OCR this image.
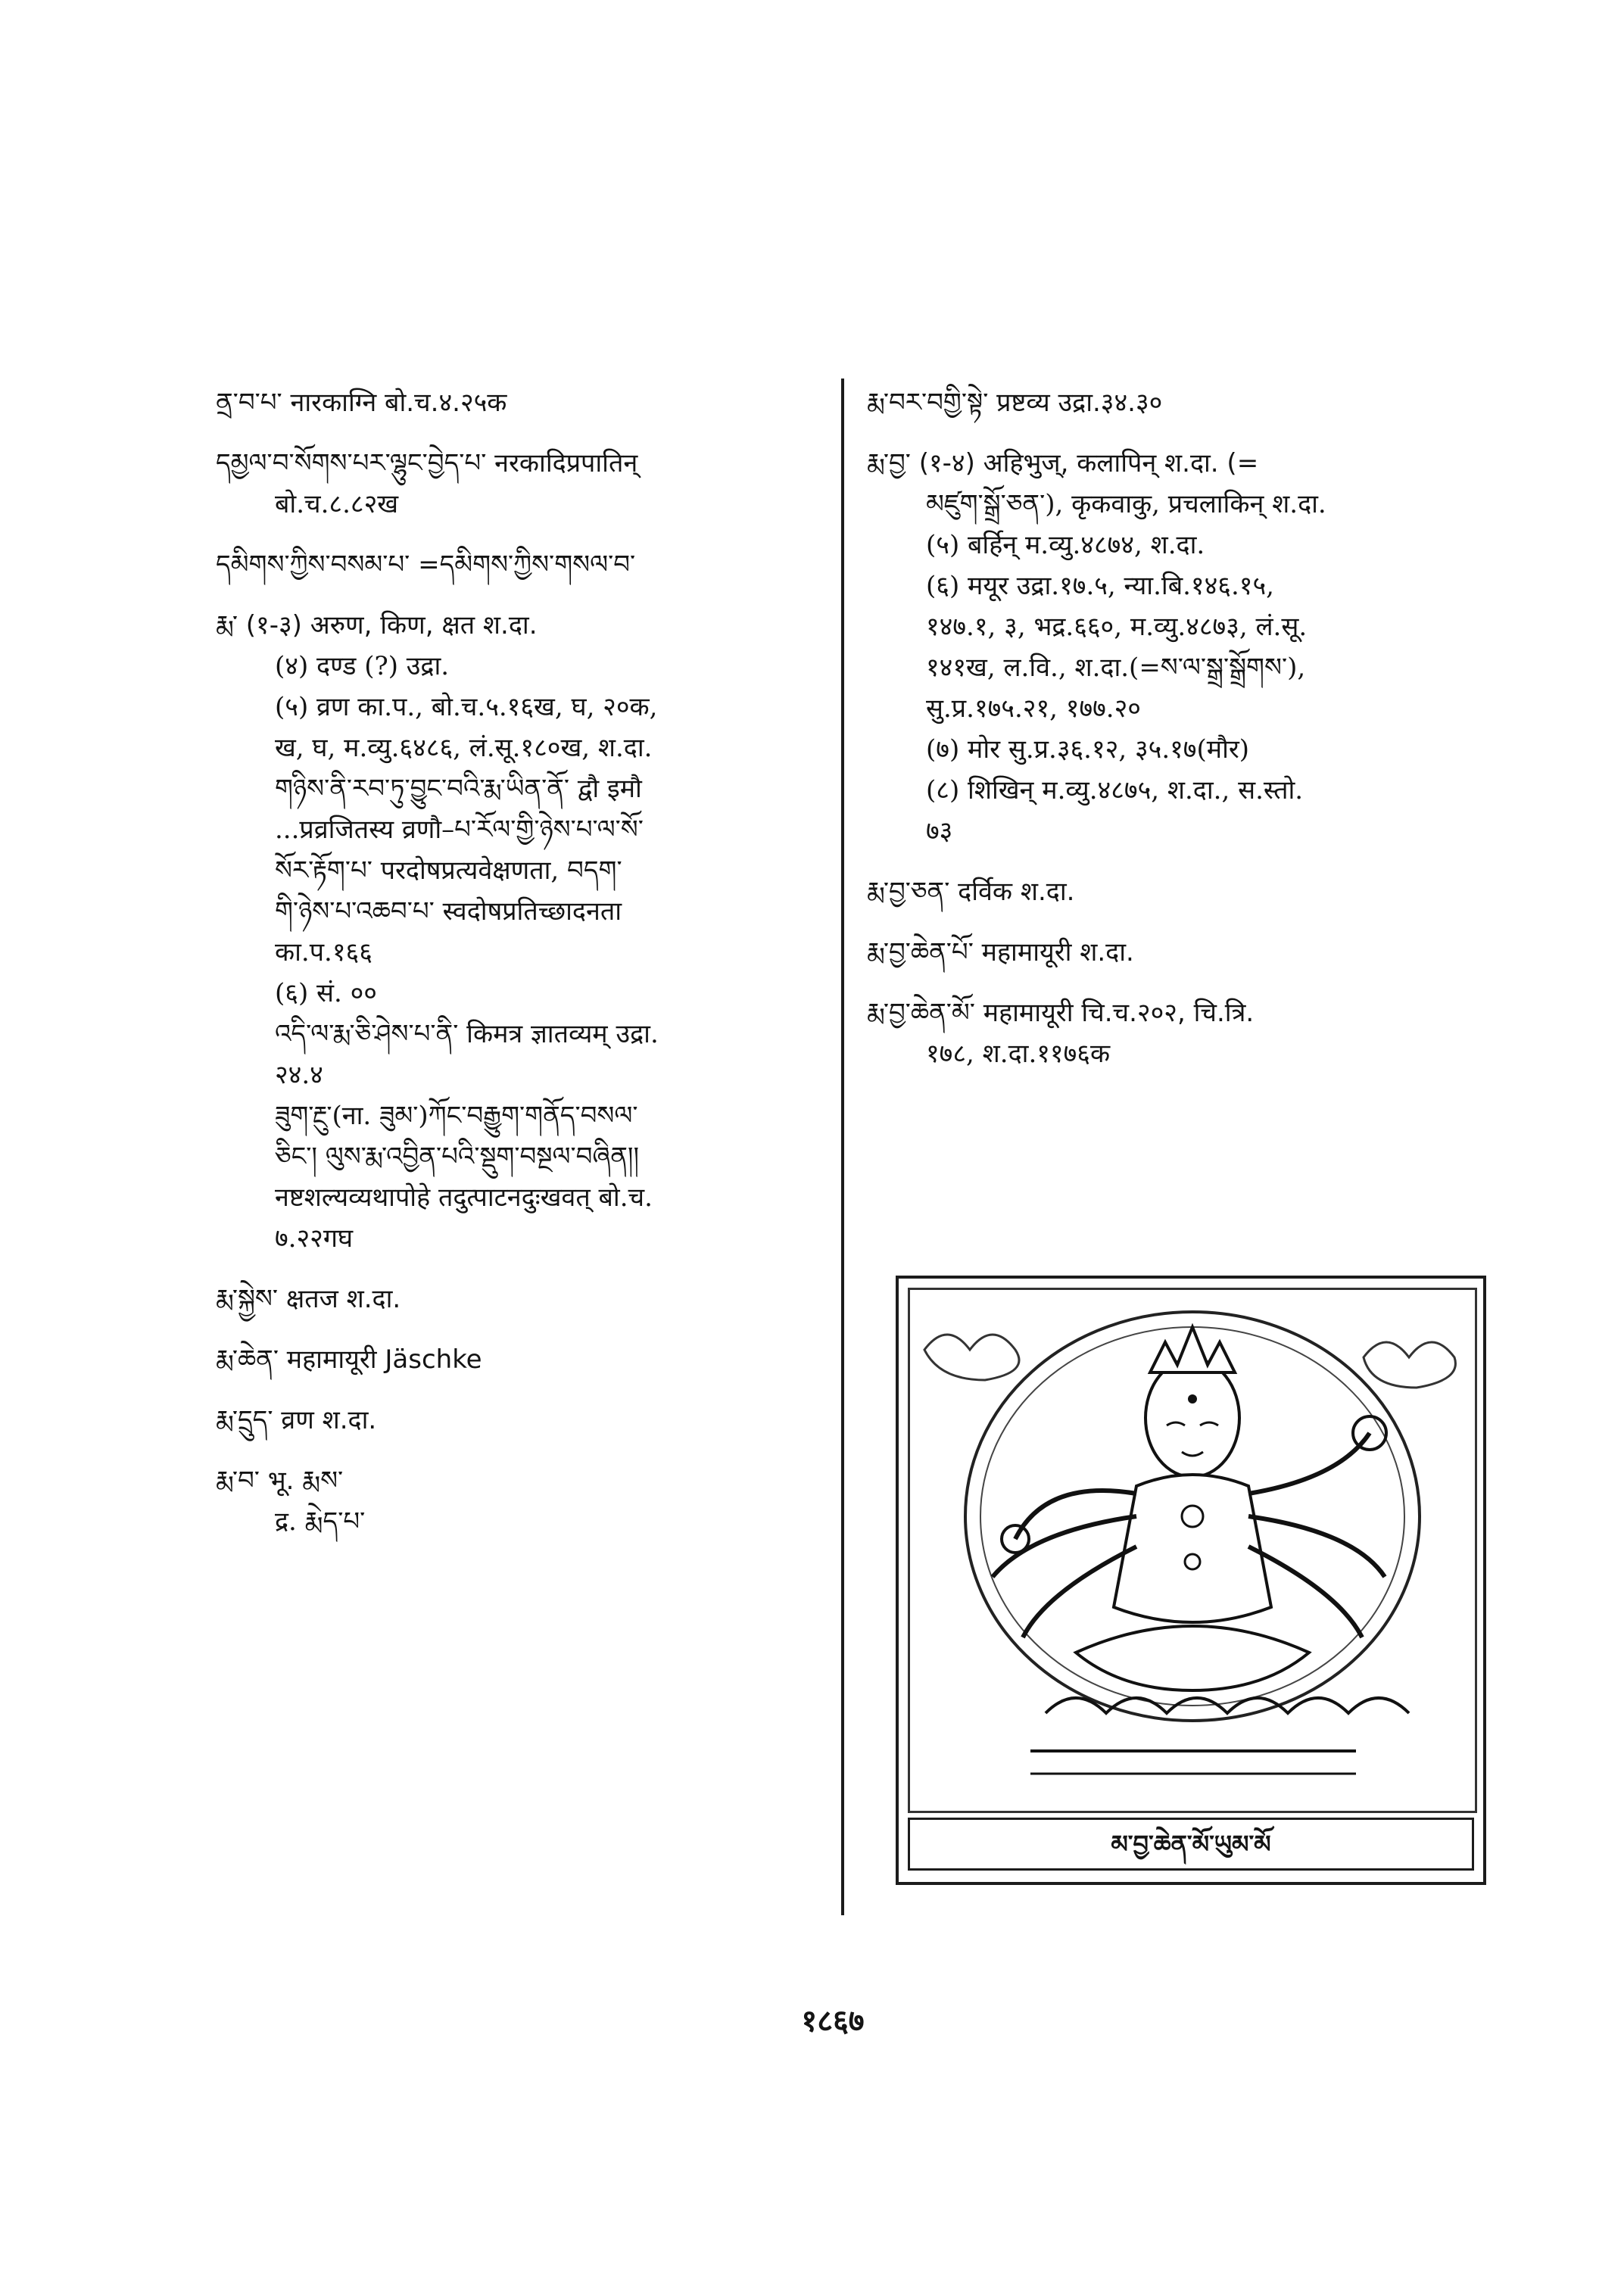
ནྲ་བ་པ་ नारकाग्नि बो.च.४.२५क
དམྱལ་བ་སོགས་པར་ལྷུང་བྱེད་པ་ नरकादिप्रपातिन्
बो.च.८.८२ख
དམིགས་ཀྱིས་བསམ་པ་ =དམིགས་ཀྱིས་གསལ་བ་
རྨ་ (१-३) अरुण, किण, क्षत श.दा.
(४) दण्ड (?) उद्रा.
(५) व्रण का.प., बो.च.५.१६ख, घ, २०क,
ख, घ, म.व्यु.६४८६, लं.सू.१८०ख, श.दा.
གཉིས་ནི་རབ་ཏུ་བྱུང་བའི་རྨ་ཡིན་ནོ་ द्वौ इमौ
...प्रव्रजितस्य व्रणौ–པ་རོལ་གྱི་ཉེས་པ་ལ་སོ་
སོར་རྟོག་པ་ परदोषप्रत्यवेक्षणता, བདག་
གི་ཉེས་པ་འཆབ་པ་ स्वदोषप्रतिच्छादनता
का.प.१६६
(६) सं. ००
འདི་ལ་རྨ་ཅི་ཤེས་པ་ནི་ किमत्र ज्ञातव्यम् उद्रा.
२४.४
ཟུག་རྔུ་(ना. ཟུམ་)ཀོང་བརྒྱུག་གནོད་བསལ་
ཅིང་། ལུས་རྨ་འབྱིན་པའི་སྡུག་བསྔལ་བཞིན།།
नष्टशल्यव्यथापोहे तदुत्पाटनदुःखवत् बो.च.
७.२२गघ
རྨ་སྐྱེས་ क्षतज श.दा.
རྨ་ཆེན་ महामायूरी Jäschke
རྨ་དྲུད་ व्रण श.दा.
རྨ་བ་ भू. རྨས་
द्र. རྨེད་པ་
རྨ་བར་བགྱི་སྟེ་ प्रष्टव्य उद्रा.३४.३०
རྨ་བྱ་ (१-४) अहिभुज्, कलापिन् श.दा. (=
མཛུག་སྒྲོ་ཅན་), कृकवाकु, प्रचलाकिन् श.दा.
(५) बर्हिन् म.व्यु.४८७४, श.दा.
(६) मयूर उद्रा.१७.५, न्या.बि.१४६.१५,
१४७.१, ३, भद्र.६६०, म.व्यु.४८७३, लं.सू.
१४१ख, ल.वि., श.दा.(=ས་ལ་སྒྲ་སྒྲོགས་),
सु.प्र.१७५.२१, १७७.२०
(७) मोर सु.प्र.३६.१२, ३५.१७(मौर)
(८) शिखिन् म.व्यु.४८७५, श.दा., स.स्तो.
७३
རྨ་བྱ་ཅན་ दर्विक श.दा.
རྨ་བྱ་ཆེན་པོ་ महामायूरी श.दा.
རྨ་བྱ་ཆེན་མོ་ महामायूरी चि.च.२०२, चि.त्रि.
१७८, श.दा.११७६क
མ་བྱ་ཆེན་མོ་ཡུམ་མོ
१८६७
